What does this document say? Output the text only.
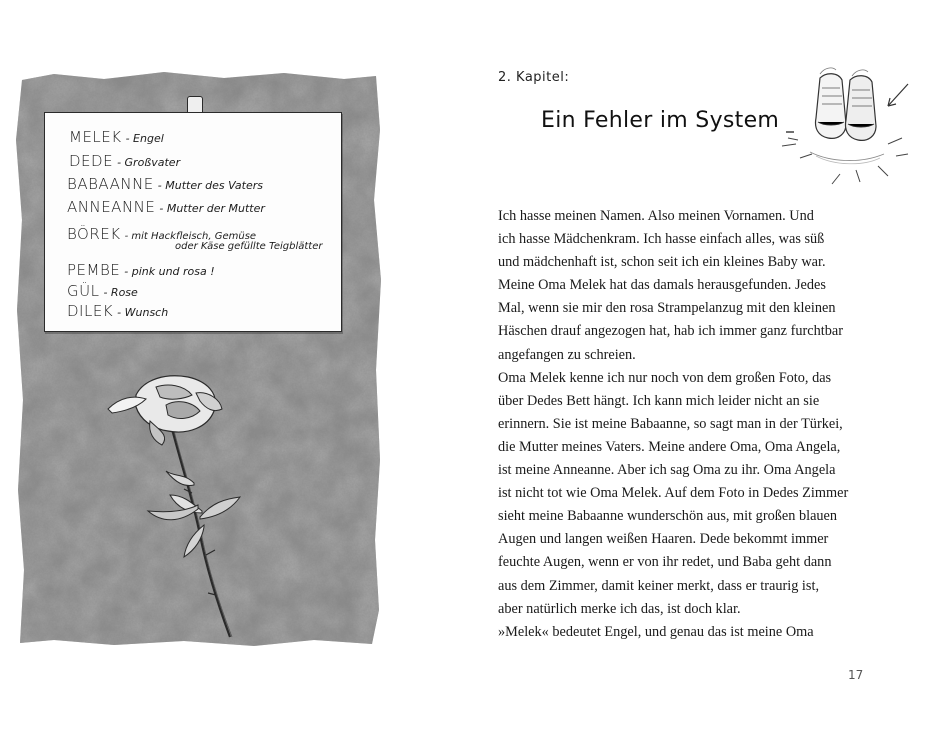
MELEK - Engel
DEDE - Großvater
BABAANNE - Mutter des Vaters
ANNEANNE - Mutter der Mutter
BÖREK - mit Hackfleisch, Gemüse
oder Käse gefüllte Teigblätter
PEMBE - pink und rosa !
GÜL - Rose
DILEK - Wunsch
2. Kapitel:
Ein Fehler im System

Ich hasse meinen Namen. Also meinen Vornamen. Und

ich hasse Mädchenkram. Ich hasse einfach alles, was süß

und mädchenhaft ist, schon seit ich ein kleines Baby war.

Meine Oma Melek hat das damals herausgefunden. Jedes

Mal, wenn sie mir den rosa Strampelanzug mit den kleinen

Häschen drauf angezogen hat, hab ich immer ganz furchtbar

angefangen zu schreien.

Oma Melek kenne ich nur noch von dem großen Foto, das

über Dedes Bett hängt. Ich kann mich leider nicht an sie

erinnern. Sie ist meine Babaanne, so sagt man in der Türkei,

die Mutter meines Vaters. Meine andere Oma, Oma Angela,

ist meine Anneanne. Aber ich sag Oma zu ihr. Oma Angela

ist nicht tot wie Oma Melek. Auf dem Foto in Dedes Zimmer

sieht meine Babaanne wunderschön aus, mit großen blauen

Augen und langen weißen Haaren. Dede bekommt immer

feuchte Augen, wenn er von ihr redet, und Baba geht dann

aus dem Zimmer, damit keiner merkt, dass er traurig ist,

aber natürlich merke ich das, ist doch klar.

»Melek« bedeutet Engel, und genau das ist meine Oma

17
